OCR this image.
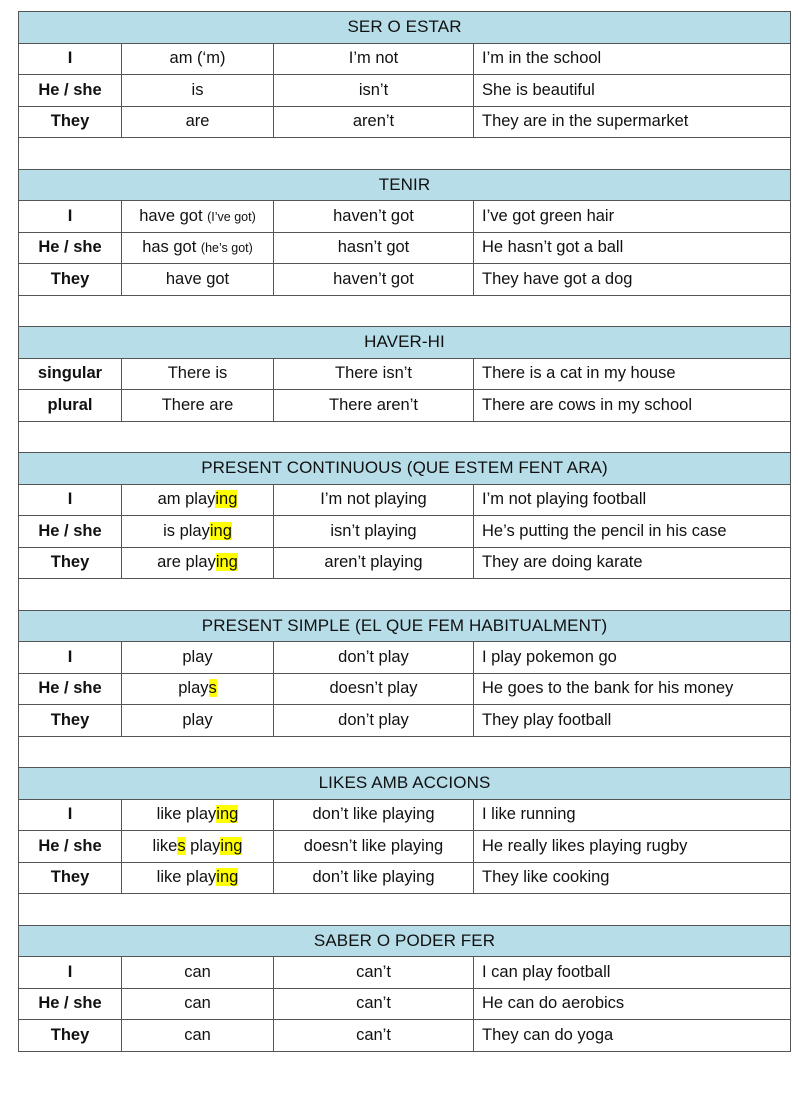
SER O ESTAR			
I	am (‘m)	I’m not	I’m in the school
He / she	is	isn’t	She is beautiful
They	are	aren’t	They are in the supermarket

TENIR			
I	have got (I’ve got)	haven’t got	I’ve got green hair
He / she	has got (he’s got)	hasn’t got	He hasn’t got a ball
They	have got	haven’t got	They have got a dog

HAVER-HI			
singular	There is	There isn’t	There is a cat in my house
plural	There are	There aren’t	There are cows in my school

PRESENT CONTINUOUS (QUE ESTEM FENT ARA)			
I	am playing	I’m not playing	I’m not playing football
He / she	is playing	isn’t playing	He’s putting the pencil in his case
They	are playing	aren’t playing	They are doing karate

PRESENT SIMPLE (EL QUE FEM HABITUALMENT)			
I	play	don’t play	I play pokemon go
He / she	plays	doesn’t play	He goes to the bank for his money
They	play	don’t play	They play football

LIKES AMB ACCIONS			
I	like playing	don’t like playing	I like running
He / she	likes playing	doesn’t like playing	He really likes playing rugby
They	like playing	don’t like playing	They like cooking

SABER O PODER FER			
I	can	can’t	I can play football
He / she	can	can’t	He can do aerobics
They	can	can’t	They can do yoga
